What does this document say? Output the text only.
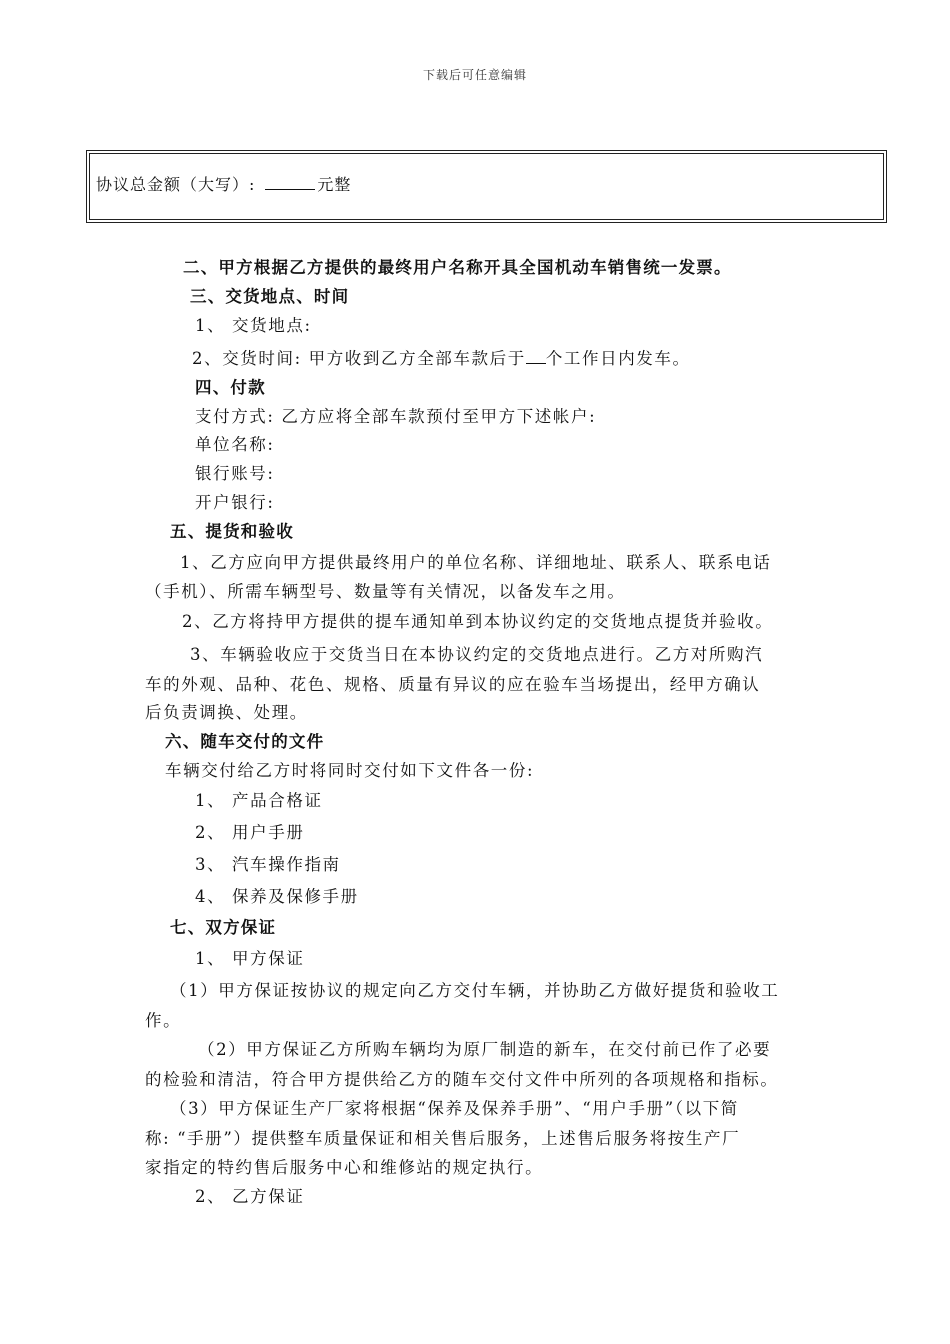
下载后可任意编辑
协议总金额（大写）:	元整
二、甲方根据乙方提供的最终用户名称开具全国机动车销售统一发票。
三、交货地点、时间
1、 交货地点:
2、交货时间: 甲方收到乙方全部车款后于 个工作日内发车。
四、付款
支付方式: 乙方应将全部车款预付至甲方下述帐户:
单位名称:
银行账号:
开户银行:
五、提货和验收
1、乙方应向甲方提供最终用户的单位名称、详细地址、联系人、联系电话
（手机）、所需车辆型号、数量等有关情况，以备发车之用。
2、乙方将持甲方提供的提车通知单到本协议约定的交货地点提货并验收。
3、车辆验收应于交货当日在本协议约定的交货地点进行。乙方对所购汽
车的外观、品种、花色、规格、质量有异议的应在验车当场提出，经甲方确认
后负责调换、处理。
六、随车交付的文件
车辆交付给乙方时将同时交付如下文件各一份:
1、 产品合格证
2、 用户手册
3、 汽车操作指南
4、 保养及保修手册
七、双方保证
1、 甲方保证
（1）甲方保证按协议的规定向乙方交付车辆，并协助乙方做好提货和验收工
作。
（2）甲方保证乙方所购车辆均为原厂制造的新车，在交付前已作了必要
的检验和清洁，符合甲方提供给乙方的随车交付文件中所列的各项规格和指标。
（3）甲方保证生产厂家将根据“保养及保养手册”、“用户手册”（以下简
称: “手册”）提供整车质量保证和相关售后服务，上述售后服务将按生产厂
家指定的特约售后服务中心和维修站的规定执行。
2、 乙方保证
